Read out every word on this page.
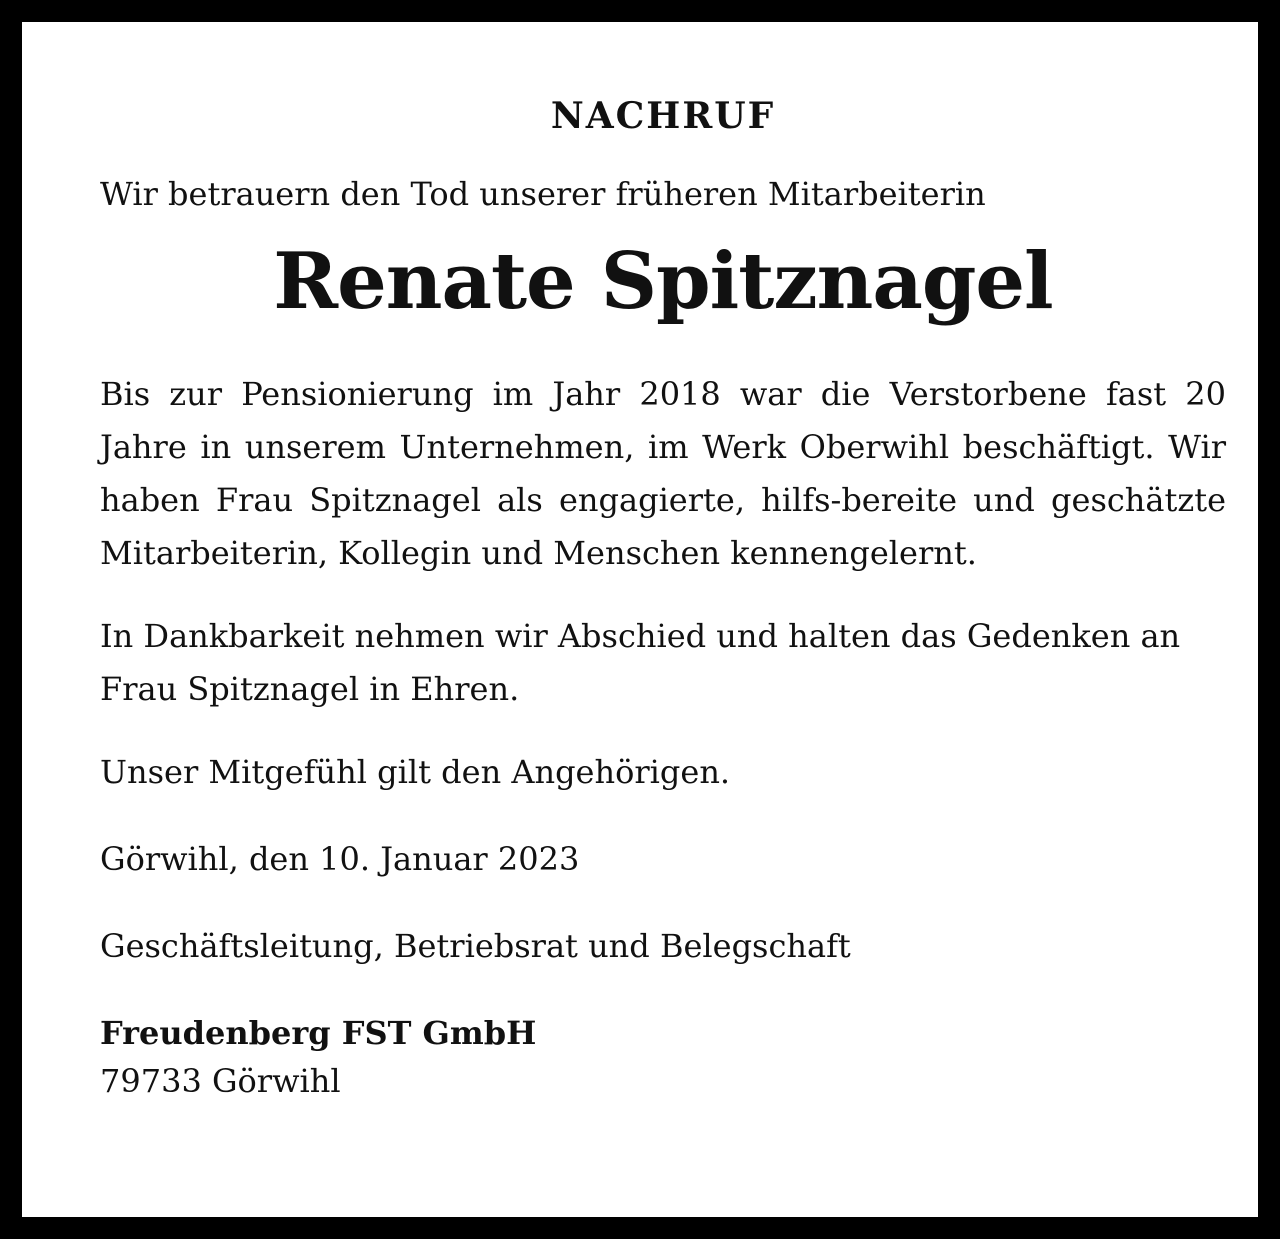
NACHRUF
Wir betrauern den Tod unserer früheren Mitarbeiterin
Renate Spitznagel

Bis zur Pensionierung im Jahr 2018 war die Verstorbene fast 20 Jahre in unserem Unternehmen, im Werk Oberwihl beschäftigt. Wir haben Frau Spitznagel als engagierte, hilfs-bereite und geschätzte Mitarbeiterin, Kollegin und Menschen kennengelernt.

In Dankbarkeit nehmen wir Abschied und halten das Gedenken an Frau Spitznagel in Ehren.

Unser Mitgefühl gilt den Angehörigen.

Görwihl, den 10. Januar 2023

Geschäftsleitung, Betriebsrat und Belegschaft

Freudenberg FST GmbH
79733 Görwihl
